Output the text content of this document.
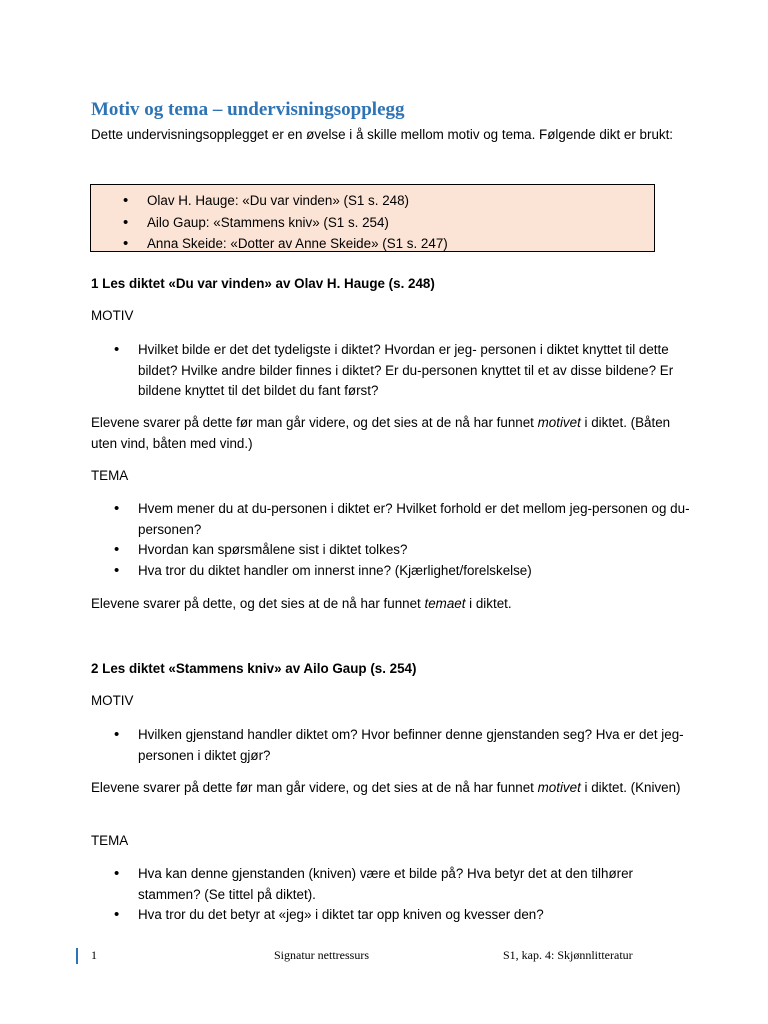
Motiv og tema – undervisningsopplegg

Dette undervisningsopplegget er en øvelse i å skille mellom motiv og tema. Følgende dikt er brukt:

• Olav H. Hauge: «Du var vinden» (S1 s. 248)
• Ailo Gaup: «Stammens kniv» (S1 s. 254)
• Anna Skeide: «Dotter av Anne Skeide» (S1 s. 247)

1 Les diktet «Du var vinden» av Olav H. Hauge (s. 248)

MOTIV

• Hvilket bilde er det det tydeligste i diktet? Hvordan er jeg- personen i diktet knyttet til dette bildet? Hvilke andre bilder finnes i diktet? Er du-personen knyttet til et av disse bildene? Er bildene knyttet til det bildet du fant først?

Elevene svarer på dette før man går videre, og det sies at de nå har funnet motivet i diktet. (Båten uten vind, båten med vind.)

TEMA

• Hvem mener du at du-personen i diktet er? Hvilket forhold er det mellom jeg-personen og du-personen?
• Hvordan kan spørsmålene sist i diktet tolkes?
• Hva tror du diktet handler om innerst inne? (Kjærlighet/forelskelse)

Elevene svarer på dette, og det sies at de nå har funnet temaet i diktet.

2 Les diktet «Stammens kniv» av Ailo Gaup (s. 254)

MOTIV

• Hvilken gjenstand handler diktet om? Hvor befinner denne gjenstanden seg? Hva er det jeg-personen i diktet gjør?

Elevene svarer på dette før man går videre, og det sies at de nå har funnet motivet i diktet. (Kniven)

TEMA

• Hva kan denne gjenstanden (kniven) være et bilde på? Hva betyr det at den tilhører stammen? (Se tittel på diktet).
• Hva tror du det betyr at «jeg» i diktet tar opp kniven og kvesser den?
1	Signatur nettressurs	S1, kap. 4: Skjønnlitteratur
